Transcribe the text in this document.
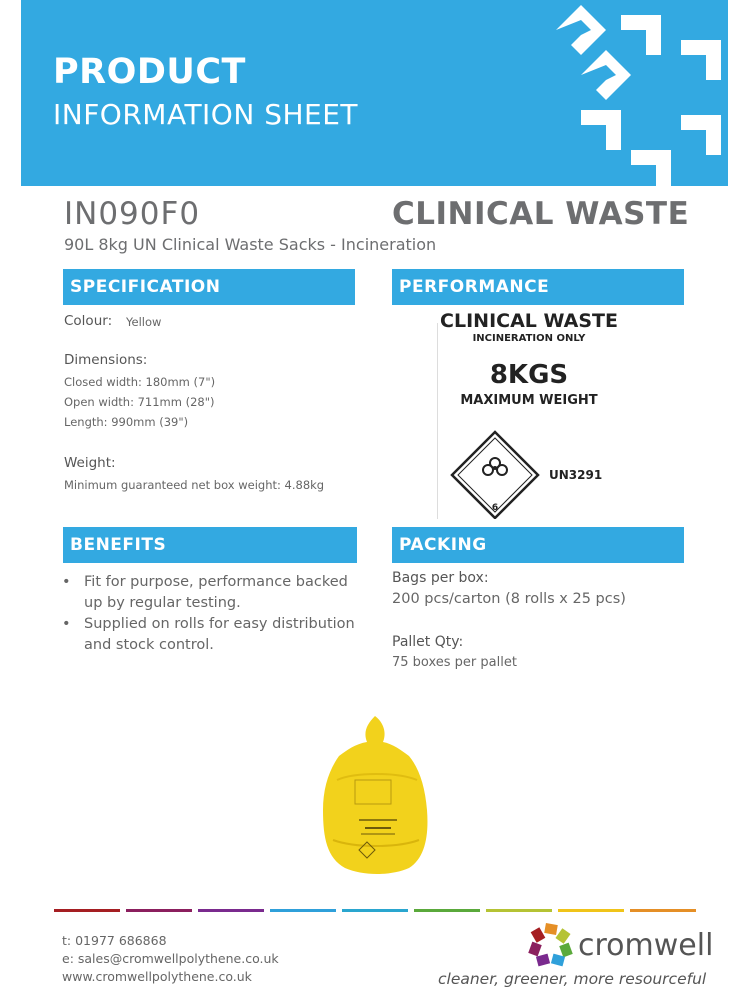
PRODUCT
INFORMATION SHEET
IN090F0	CLINICAL WASTE
90L 8kg UN Clinical Waste Sacks - Incineration
SPECIFICATION
Colour: Yellow
Dimensions:
Closed width: 180mm (7")
Open width: 711mm (28")
Length: 990mm (39")
Weight:
Minimum guaranteed net box weight: 4.88kg
PERFORMANCE
CLINICAL WASTE
INCINERATION ONLY
8KGS
MAXIMUM WEIGHT
6
UN3291
BENEFITS
• Fit for purpose, performance backed up by regular testing.
• Supplied on rolls for easy distribution and stock control.
PACKING
Bags per box:
200 pcs/carton (8 rolls x 25 pcs)
Pallet Qty:
75 boxes per pallet
t: 01977 686868
e: sales@cromwellpolythene.co.uk
www.cromwellpolythene.co.uk
cromwell
cleaner, greener, more resourceful
